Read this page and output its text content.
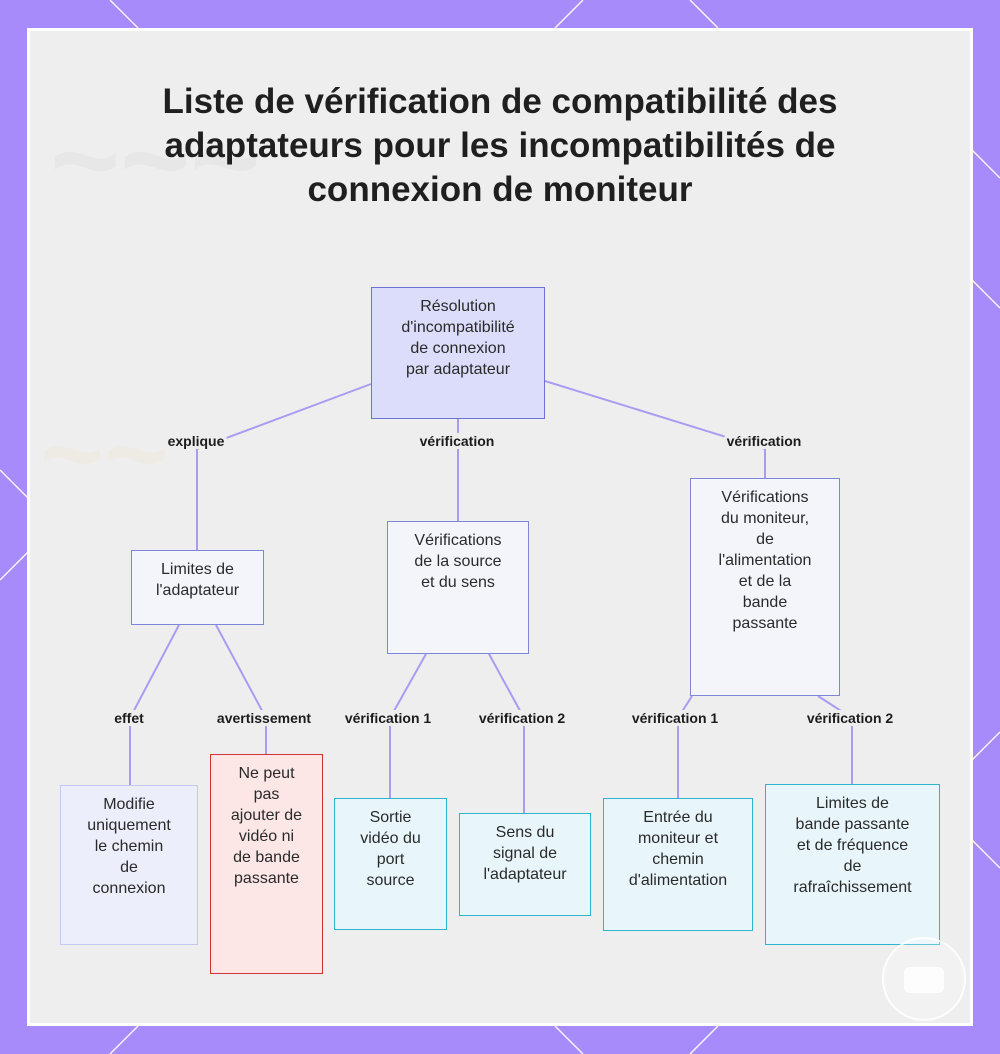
~~~
~~
Liste de vérification de compatibilité des adaptateurs pour les incompatibilités de connexion de moniteur
explique	vérification	vérification
effet	avertissement vérification 1	vérification 2	vérification 1	vérification 2
Résolution
d'incompatibilité
de connexion
par adaptateur
Limites de
l'adaptateur
Vérifications
de la source
et du sens
Vérifications
du moniteur,
de
l'alimentation
et de la
bande
passante
Modifie
uniquement
le chemin
de
connexion
Ne peut
pas
ajouter de
vidéo ni
de bande
passante
Sortie
vidéo du
port
source
Sens du
signal de
l'adaptateur
Entrée du
moniteur et
chemin
d'alimentation
Limites de
bande passante
et de fréquence
de
rafraîchissement
